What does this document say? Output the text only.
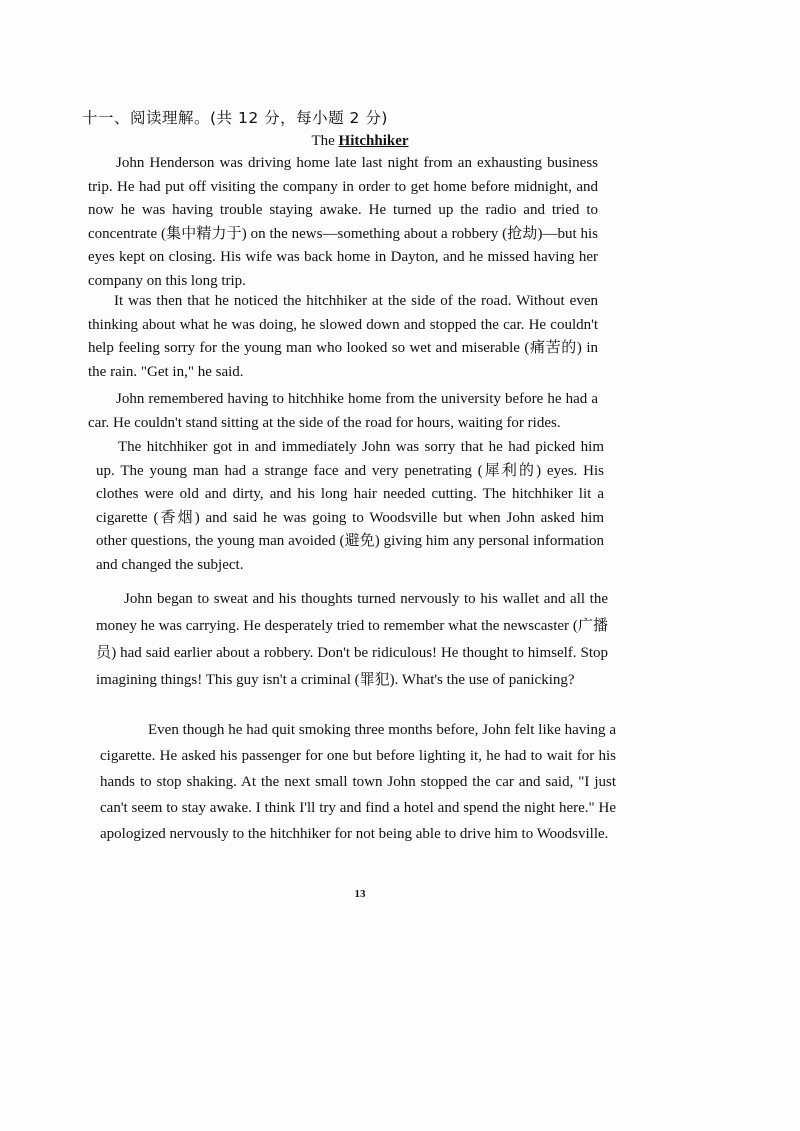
十一、阅读理解。(共 12 分，每小题 2 分)
The Hitchhiker

John Henderson was driving home late last night from an exhausting business trip. He had put off visiting the company in order to get home before midnight, and now he was having trouble staying awake. He turned up the radio and tried to concentrate (集中精力于) on the news—something about a robbery (抢劫)—but his eyes kept on closing. His wife was back home in Dayton, and he missed having her company on this long trip.

It was then that he noticed the hitchhiker at the side of the road. Without even thinking about what he was doing, he slowed down and stopped the car. He couldn't help feeling sorry for the young man who looked so wet and miserable (痛苦的) in the rain. "Get in," he said.

John remembered having to hitchhike home from the university before he had a car. He couldn't stand sitting at the side of the road for hours, waiting for rides.

The hitchhiker got in and immediately John was sorry that he had picked him up. The young man had a strange face and very penetrating (犀利的) eyes. His clothes were old and dirty, and his long hair needed cutting. The hitchhiker lit a cigarette (香烟) and said he was going to Woodsville but when John asked him other questions, the young man avoided (避免) giving him any personal information and changed the subject.

John began to sweat and his thoughts turned nervously to his wallet and all the money he was carrying. He desperately tried to remember what the newscaster (广播员) had said earlier about a robbery. Don't be ridiculous! He thought to himself. Stop imagining things! This guy isn't a criminal (罪犯). What's the use of panicking?

Even though he had quit smoking three months before, John felt like having a cigarette. He asked his passenger for one but before lighting it, he had to wait for his hands to stop shaking. At the next small town John stopped the car and said, "I just can't seem to stay awake. I think I'll try and find a hotel and spend the night here." He apologized nervously to the hitchhiker for not being able to drive him to Woodsville.

13
